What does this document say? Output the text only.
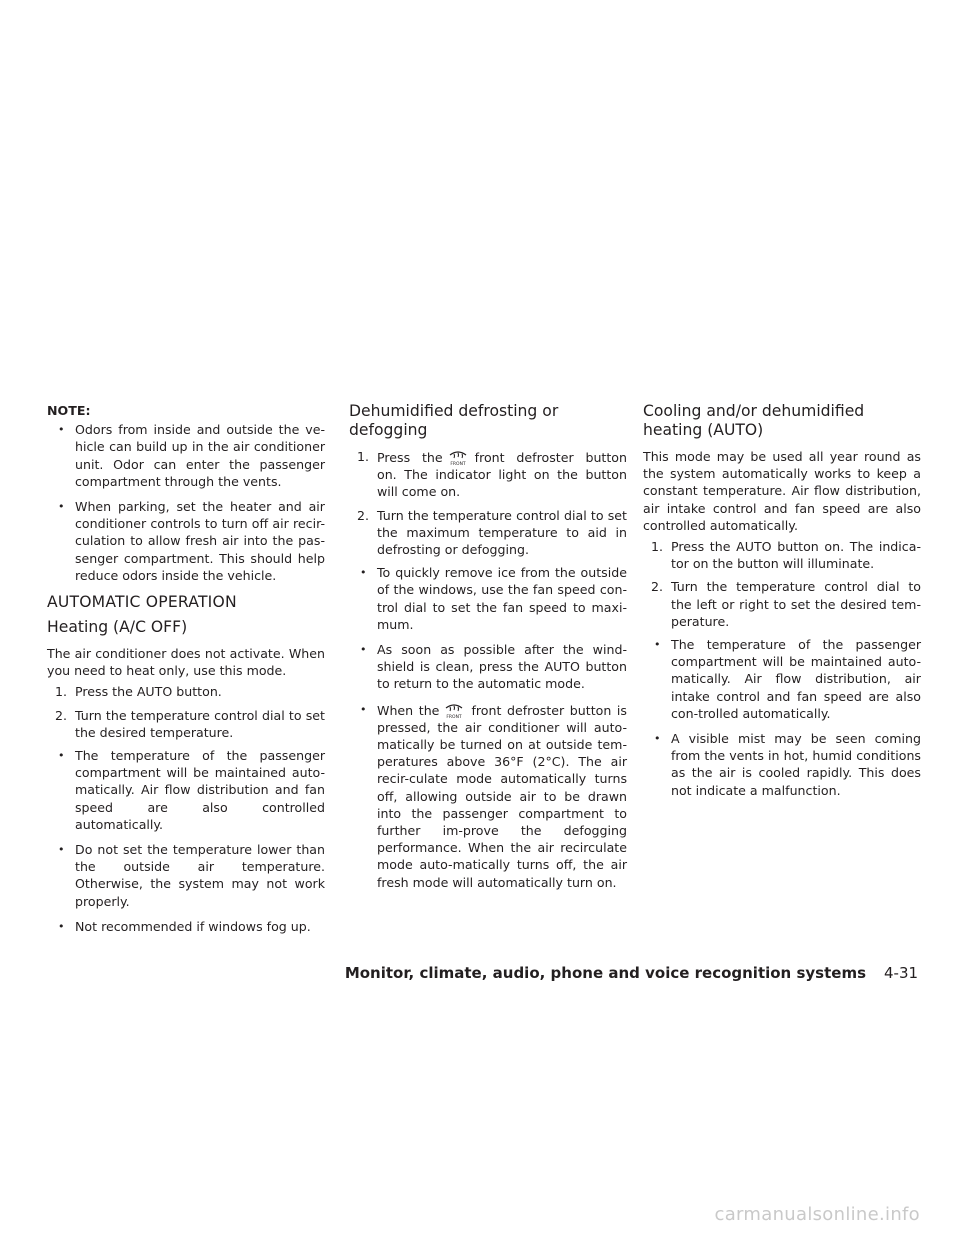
NOTE:
• Odors from inside and outside the ve-hicle can build up in the air conditioner unit. Odor can enter the passenger compartment through the vents.
• When parking, set the heater and air conditioner controls to turn off air recir-culation to allow fresh air into the pas-senger compartment. This should help reduce odors inside the vehicle.
AUTOMATIC OPERATION
Heating (A/C OFF)

The air conditioner does not activate. When you need to heat only, use this mode.

1. Press the AUTO button.
2. Turn the temperature control dial to set the desired temperature.
• The temperature of the passenger compartment will be maintained auto-matically. Air flow distribution and fan speed are also controlled automatically.
• Do not set the temperature lower than the outside air temperature. Otherwise, the system may not work properly.
• Not recommended if windows fog up.
Dehumidified defrosting or defogging
1. Press the FRONT front defroster button on. The indicator light on the button will come on.
2. Turn the temperature control dial to set the maximum temperature to aid in defrosting or defogging.
• To quickly remove ice from the outside of the windows, use the fan speed con-trol dial to set the fan speed to maxi-mum.
• As soon as possible after the wind-shield is clean, press the AUTO button to return to the automatic mode.
• When the FRONT front defroster button is pressed, the air conditioner will auto-matically be turned on at outside tem-peratures above 36°F (2°C). The air recir-culate mode automatically turns off, allowing outside air to be drawn into the passenger compartment to further im-prove the defogging performance. When the air recirculate mode auto-matically turns off, the air fresh mode will automatically turn on.
Cooling and/or dehumidified heating (AUTO)

This mode may be used all year round as the system automatically works to keep a constant temperature. Air flow distribution, air intake control and fan speed are also controlled automatically.

1. Press the AUTO button on. The indica-tor on the button will illuminate.
2. Turn the temperature control dial to the left or right to set the desired tem-perature.
• The temperature of the passenger compartment will be maintained auto-matically. Air flow distribution, air intake control and fan speed are also con-trolled automatically.
• A visible mist may be seen coming from the vents in hot, humid conditions as the air is cooled rapidly. This does not indicate a malfunction.
Monitor, climate, audio, phone and voice recognition systems 4-31
carmanualsonline.info
